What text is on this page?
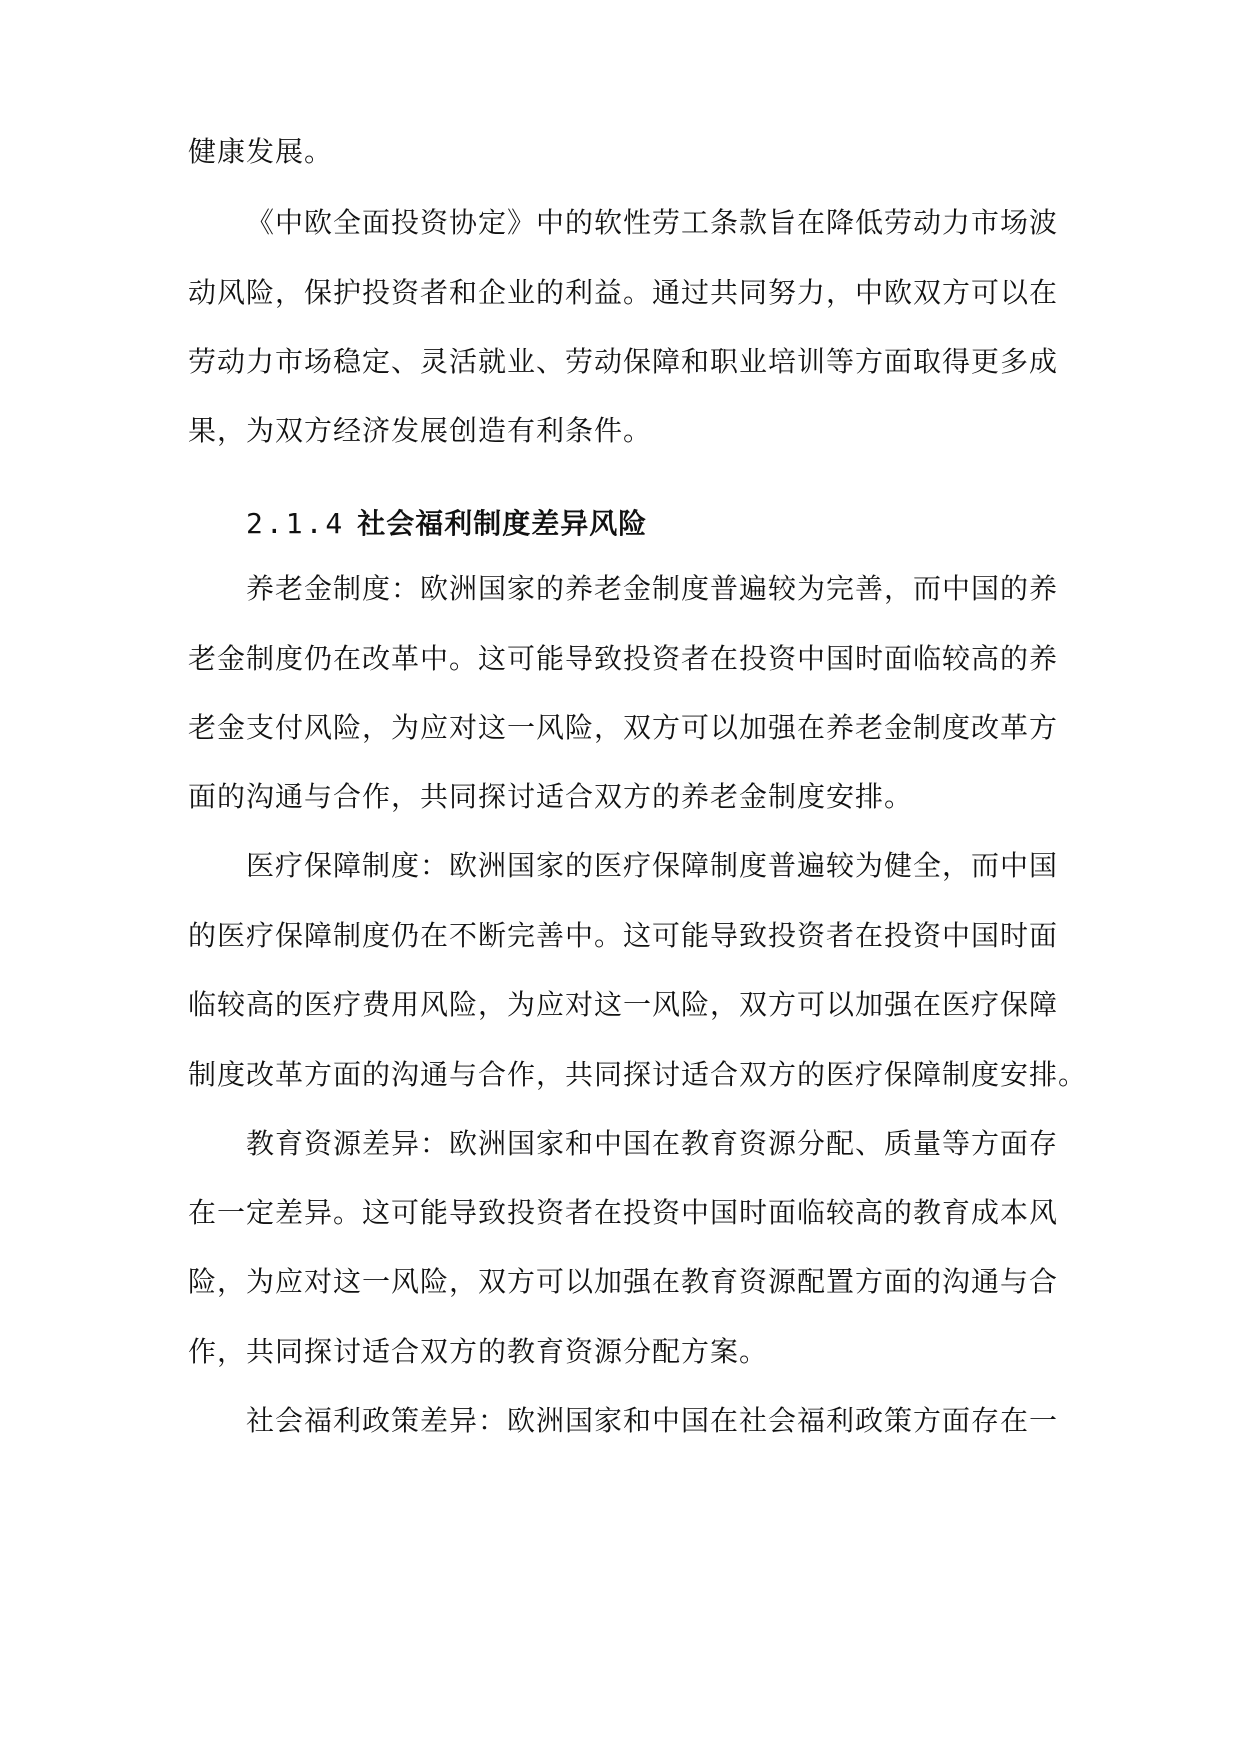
健康发展。
《中欧全面投资协定》中的软性劳工条款旨在降低劳动力市场波
动风险，保护投资者和企业的利益。通过共同努力，中欧双方可以在
劳动力市场稳定、灵活就业、劳动保障和职业培训等方面取得更多成
果，为双方经济发展创造有利条件。
2.1.4 社会福利制度差异风险
养老金制度：欧洲国家的养老金制度普遍较为完善，而中国的养
老金制度仍在改革中。这可能导致投资者在投资中国时面临较高的养
老金支付风险，为应对这一风险，双方可以加强在养老金制度改革方
面的沟通与合作，共同探讨适合双方的养老金制度安排。
医疗保障制度：欧洲国家的医疗保障制度普遍较为健全，而中国
的医疗保障制度仍在不断完善中。这可能导致投资者在投资中国时面
临较高的医疗费用风险，为应对这一风险，双方可以加强在医疗保障
制度改革方面的沟通与合作，共同探讨适合双方的医疗保障制度安排。
教育资源差异：欧洲国家和中国在教育资源分配、质量等方面存
在一定差异。这可能导致投资者在投资中国时面临较高的教育成本风
险，为应对这一风险，双方可以加强在教育资源配置方面的沟通与合
作，共同探讨适合双方的教育资源分配方案。
社会福利政策差异：欧洲国家和中国在社会福利政策方面存在一
